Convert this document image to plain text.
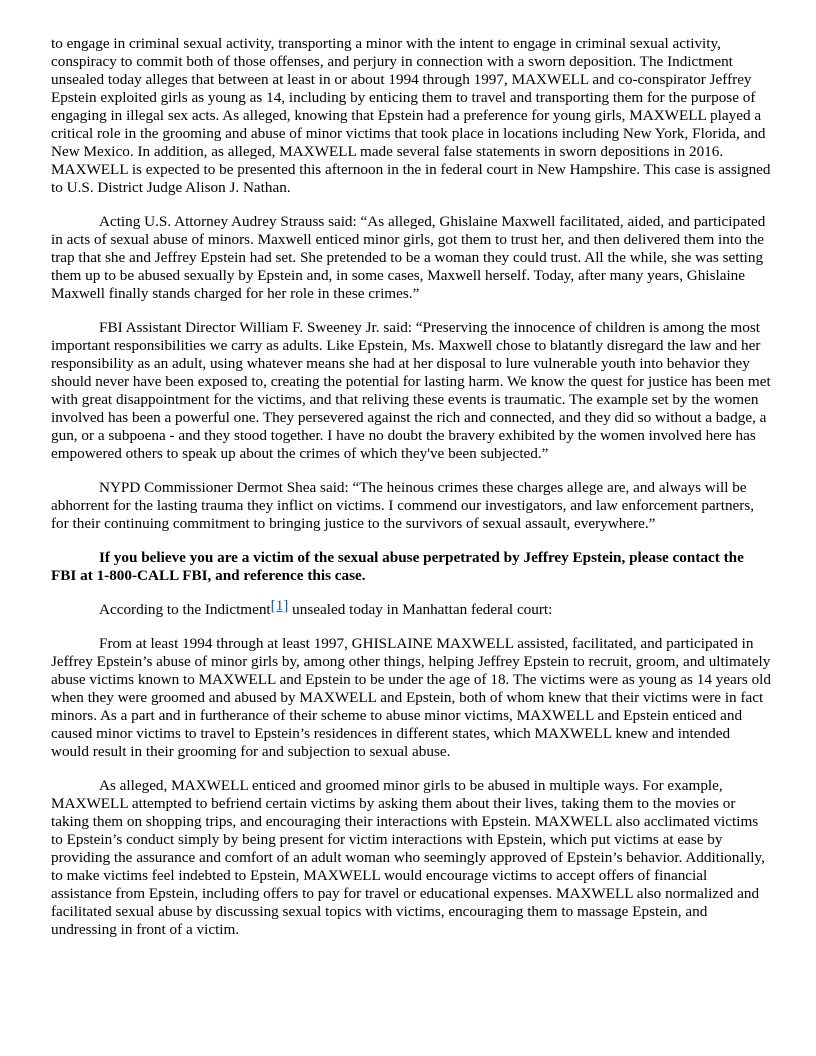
to engage in criminal sexual activity, transporting a minor with the intent to engage in criminal sexual activity, conspiracy to commit both of those offenses, and perjury in connection with a sworn deposition. The Indictment unsealed today alleges that between at least in or about 1994 through 1997, MAXWELL and co-conspirator Jeffrey Epstein exploited girls as young as 14, including by enticing them to travel and transporting them for the purpose of engaging in illegal sex acts. As alleged, knowing that Epstein had a preference for young girls, MAXWELL played a critical role in the grooming and abuse of minor victims that took place in locations including New York, Florida, and New Mexico. In addition, as alleged, MAXWELL made several false statements in sworn depositions in 2016. MAXWELL is expected to be presented this afternoon in the in federal court in New Hampshire. This case is assigned to U.S. District Judge Alison J. Nathan.

Acting U.S. Attorney Audrey Strauss said: “As alleged, Ghislaine Maxwell facilitated, aided, and participated in acts of sexual abuse of minors. Maxwell enticed minor girls, got them to trust her, and then delivered them into the trap that she and Jeffrey Epstein had set. She pretended to be a woman they could trust. All the while, she was setting them up to be abused sexually by Epstein and, in some cases, Maxwell herself. Today, after many years, Ghislaine Maxwell finally stands charged for her role in these crimes.”

FBI Assistant Director William F. Sweeney Jr. said: “Preserving the innocence of children is among the most important responsibilities we carry as adults. Like Epstein, Ms. Maxwell chose to blatantly disregard the law and her responsibility as an adult, using whatever means she had at her disposal to lure vulnerable youth into behavior they should never have been exposed to, creating the potential for lasting harm. We know the quest for justice has been met with great disappointment for the victims, and that reliving these events is traumatic. The example set by the women involved has been a powerful one. They persevered against the rich and connected, and they did so without a badge, a gun, or a subpoena - and they stood together. I have no doubt the bravery exhibited by the women involved here has empowered others to speak up about the crimes of which they've been subjected.”

NYPD Commissioner Dermot Shea said: “The heinous crimes these charges allege are, and always will be abhorrent for the lasting trauma they inflict on victims. I commend our investigators, and law enforcement partners, for their continuing commitment to bringing justice to the survivors of sexual assault, everywhere.”

If you believe you are a victim of the sexual abuse perpetrated by Jeffrey Epstein, please contact the FBI at 1-800-CALL FBI, and reference this case.

According to the Indictment[1] unsealed today in Manhattan federal court:

From at least 1994 through at least 1997, GHISLAINE MAXWELL assisted, facilitated, and participated in Jeffrey Epstein’s abuse of minor girls by, among other things, helping Jeffrey Epstein to recruit, groom, and ultimately abuse victims known to MAXWELL and Epstein to be under the age of 18. The victims were as young as 14 years old when they were groomed and abused by MAXWELL and Epstein, both of whom knew that their victims were in fact minors. As a part and in furtherance of their scheme to abuse minor victims, MAXWELL and Epstein enticed and caused minor victims to travel to Epstein’s residences in different states, which MAXWELL knew and intended would result in their grooming for and subjection to sexual abuse.

As alleged, MAXWELL enticed and groomed minor girls to be abused in multiple ways. For example, MAXWELL attempted to befriend certain victims by asking them about their lives, taking them to the movies or taking them on shopping trips, and encouraging their interactions with Epstein. MAXWELL also acclimated victims to Epstein’s conduct simply by being present for victim interactions with Epstein, which put victims at ease by providing the assurance and comfort of an adult woman who seemingly approved of Epstein’s behavior. Additionally, to make victims feel indebted to Epstein, MAXWELL would encourage victims to accept offers of financial assistance from Epstein, including offers to pay for travel or educational expenses. MAXWELL also normalized and facilitated sexual abuse by discussing sexual topics with victims, encouraging them to massage Epstein, and undressing in front of a victim.
